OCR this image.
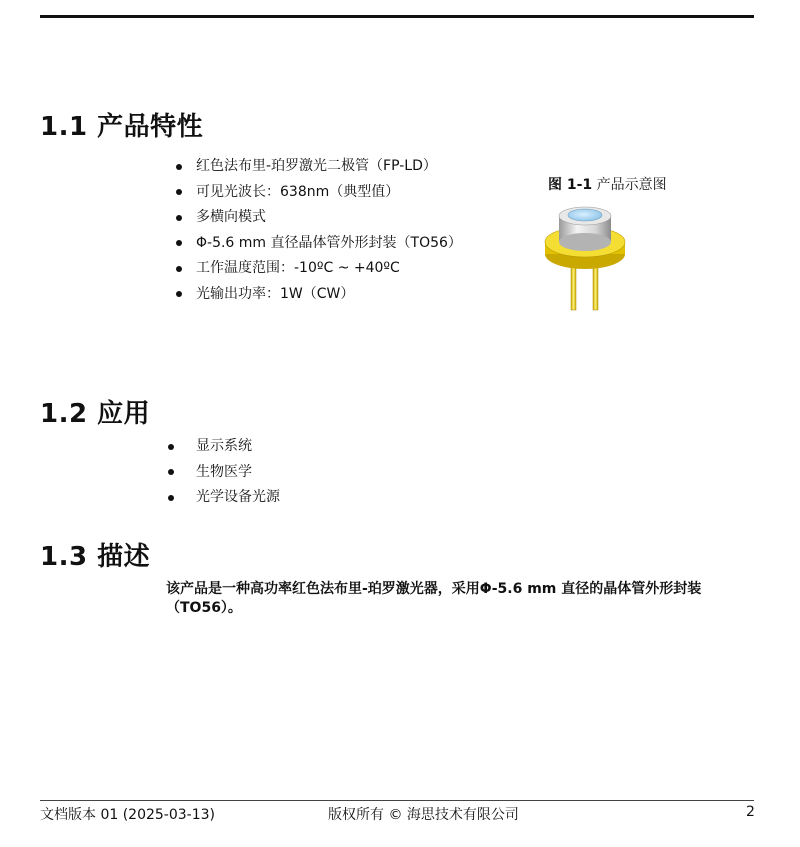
1.1 产品特性
红色法布里-珀罗激光二极管（FP-LD）
可见光波长：638nm（典型值）
多横向模式
Φ-5.6 mm 直径晶体管外形封装（TO56）
工作温度范围：-10ºC ~ +40ºC
光输出功率：1W（CW）
图 1-1 产品示意图
1.2 应用
显示系统
生物医学
光学设备光源
1.3 描述

该产品是一种高功率红色法布里-珀罗激光器，采用Φ-5.6 mm 直径的晶体管外形封装（TO56）。

文档版本 01 (2025-03-13)	版权所有 © 海思技术有限公司	2
